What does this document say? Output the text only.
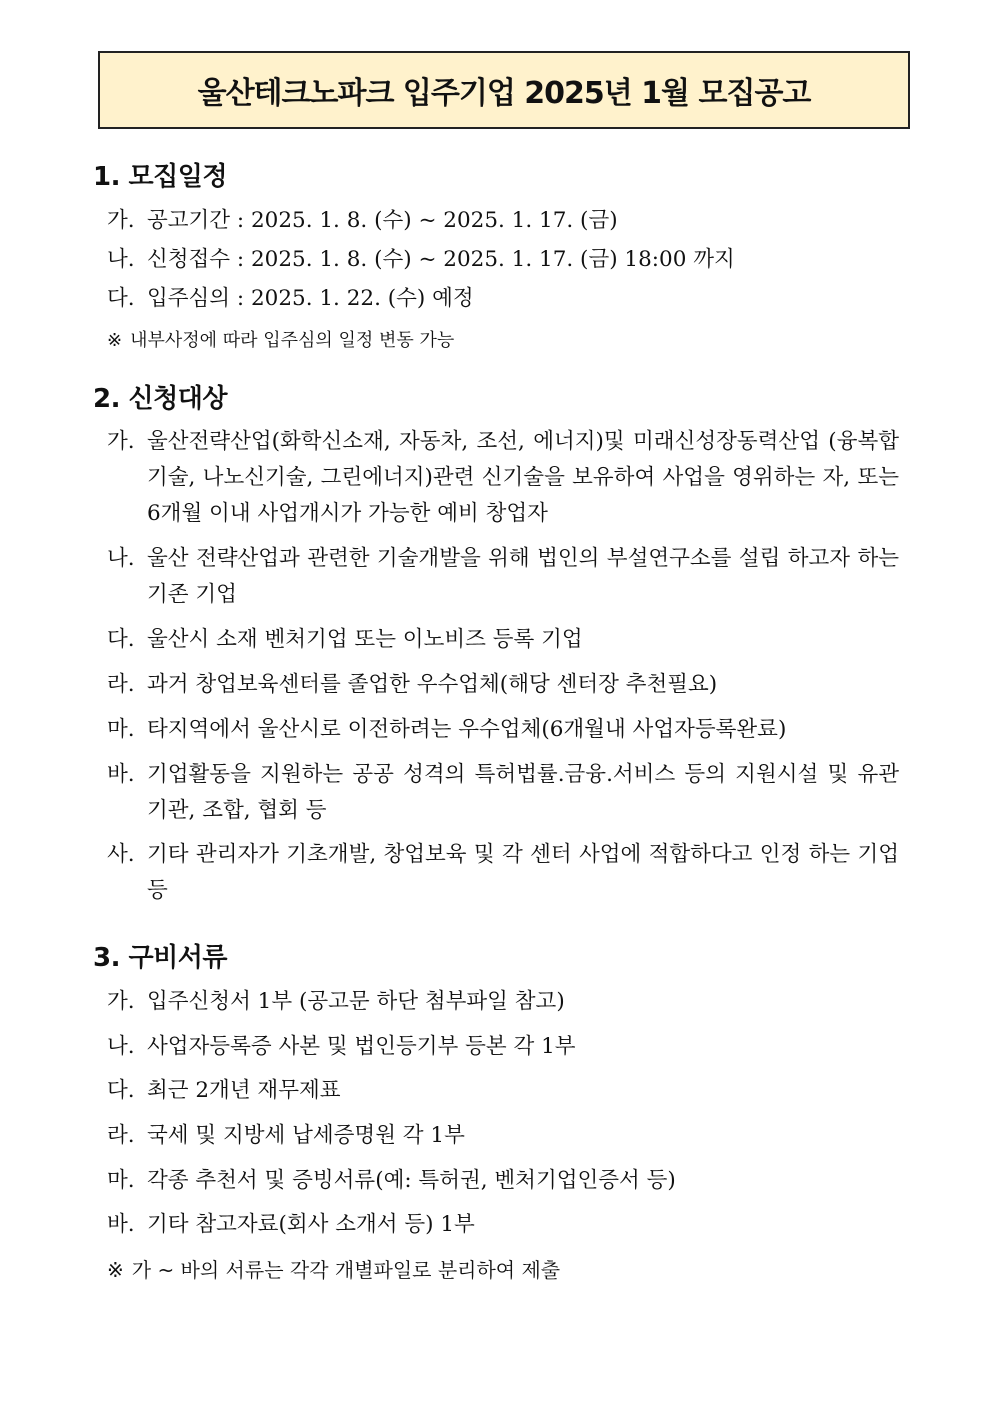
울산테크노파크 입주기업 2025년 1월 모집공고
1. 모집일정
가. 공고기간 : 2025. 1. 8. (수) ~ 2025. 1. 17. (금)
나. 신청접수 : 2025. 1. 8. (수) ~ 2025. 1. 17. (금) 18:00 까지
다. 입주심의 : 2025. 1. 22. (수) 예정
※ 내부사정에 따라 입주심의 일정 변동 가능
2. 신청대상
가. 울산전략산업(화학신소재, 자동차, 조선, 에너지)및 미래신성장동력산업 (융복합기술, 나노신기술, 그린에너지)관련 신기술을 보유하여 사업을 영위하는 자, 또는 6개월 이내 사업개시가 가능한 예비 창업자
나. 울산 전략산업과 관련한 기술개발을 위해 법인의 부설연구소를 설립 하고자 하는 기존 기업
다. 울산시 소재 벤처기업 또는 이노비즈 등록 기업
라. 과거 창업보육센터를 졸업한 우수업체(해당 센터장 추천필요)
마. 타지역에서 울산시로 이전하려는 우수업체(6개월내 사업자등록완료)
바. 기업활동을 지원하는 공공 성격의 특허법률.금융.서비스 등의 지원시설 및 유관기관, 조합, 협회 등
사. 기타 관리자가 기초개발, 창업보육 및 각 센터 사업에 적합하다고 인정 하는 기업 등
3. 구비서류
가. 입주신청서 1부 (공고문 하단 첨부파일 참고)
나. 사업자등록증 사본 및 법인등기부 등본 각 1부
다. 최근 2개년 재무제표
라. 국세 및 지방세 납세증명원 각 1부
마. 각종 추천서 및 증빙서류(예: 특허권, 벤처기업인증서 등)
바. 기타 참고자료(회사 소개서 등) 1부
※ 가 ~ 바의 서류는 각각 개별파일로 분리하여 제출
